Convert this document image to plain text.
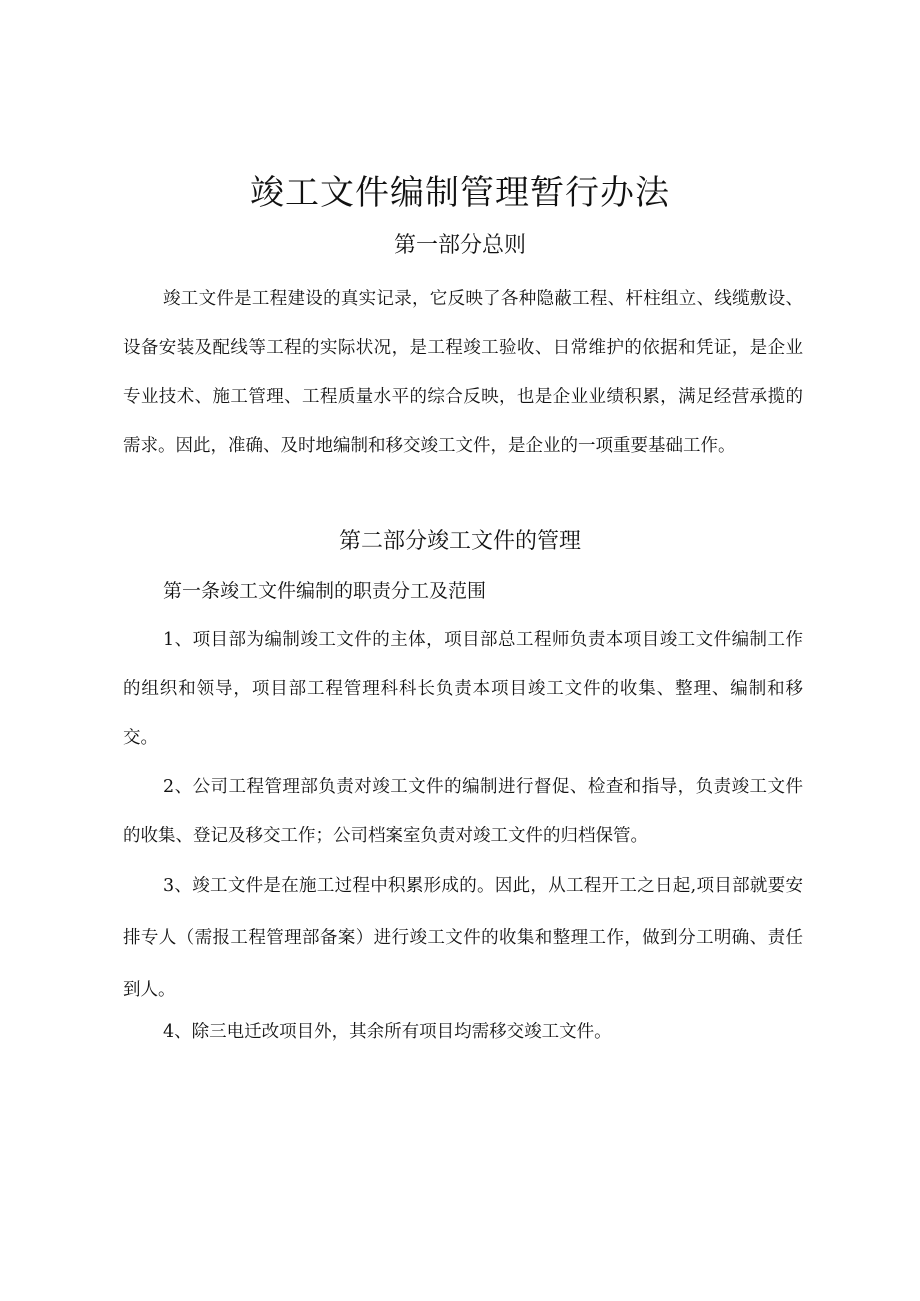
竣工文件编制管理暂行办法
第一部分总则

竣工文件是工程建设的真实记录，它反映了各种隐蔽工程、杆柱组立、线缆敷设、设备安装及配线等工程的实际状况，是工程竣工验收、日常维护的依据和凭证，是企业专业技术、施工管理、工程质量水平的综合反映，也是企业业绩积累，满足经营承揽的需求。因此，准确、及时地编制和移交竣工文件，是企业的一项重要基础工作。

第二部分竣工文件的管理
第一条竣工文件编制的职责分工及范围

1、项目部为编制竣工文件的主体，项目部总工程师负责本项目竣工文件编制工作的组织和领导，项目部工程管理科科长负责本项目竣工文件的收集、整理、编制和移交。

2、公司工程管理部负责对竣工文件的编制进行督促、检查和指导，负责竣工文件的收集、登记及移交工作；公司档案室负责对竣工文件的归档保管。

3、竣工文件是在施工过程中积累形成的。因此，从工程开工之日起,项目部就要安排专人（需报工程管理部备案）进行竣工文件的收集和整理工作，做到分工明确、责任到人。

4、除三电迁改项目外，其余所有项目均需移交竣工文件。
